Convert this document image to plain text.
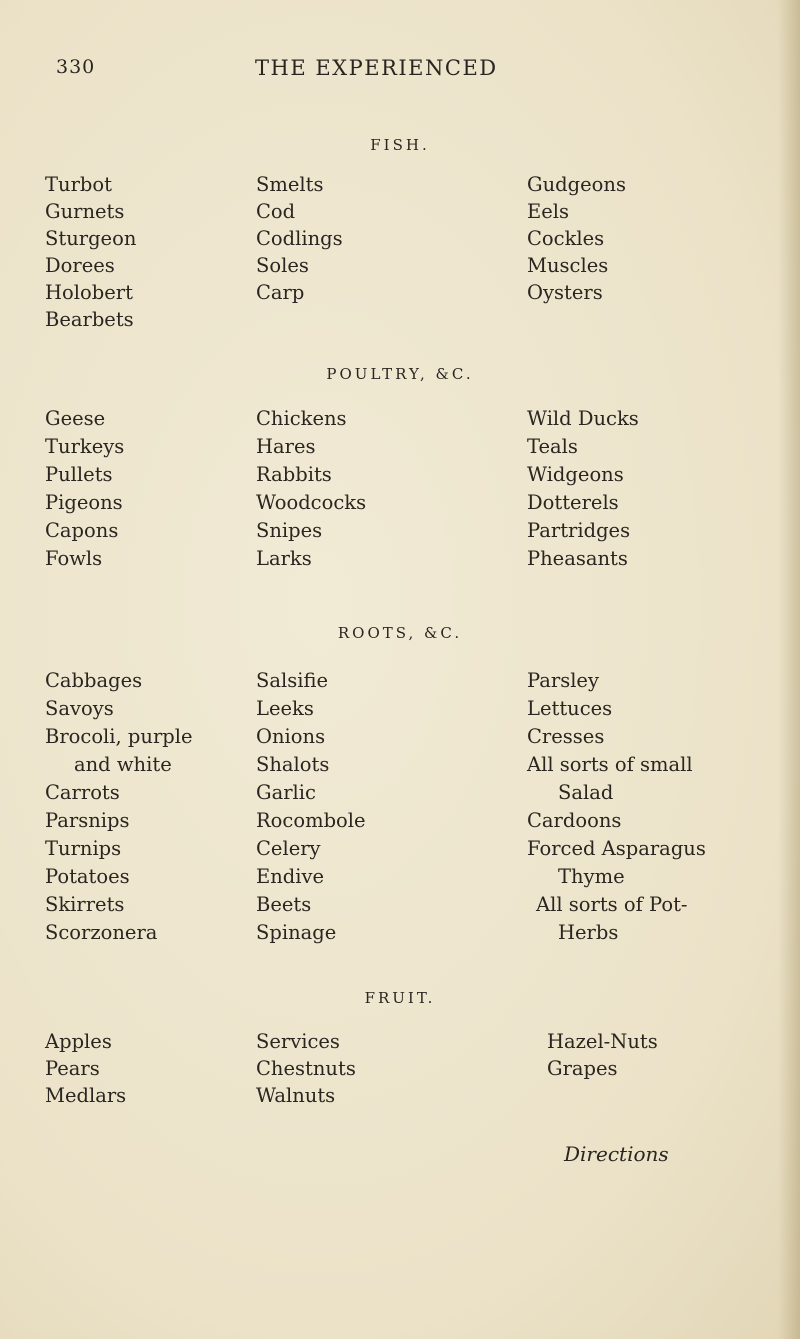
330	THE EXPERIENCED
FISH.
Turbot	Smelts	Gudgeons
Gurnets	Cod	Eels
Sturgeon	Codlings	Cockles
Dorees	Soles	Muscles
Holobert	Carp	Oysters
Bearbets
POULTRY, &C.
Geese	Chickens	Wild Ducks
Turkeys	Hares	Teals
Pullets	Rabbits	Widgeons
Pigeons	Woodcocks	Dotterels
Capons	Snipes	Partridges
Fowls	Larks	Pheasants
ROOTS, &C.
Cabbages	Salsifie	Parsley
Savoys	Leeks	Lettuces
Brocoli, purple	Onions	Cresses
and white	Shalots	All sorts of small
Carrots	Garlic	Salad
Parsnips	Rocombole	Cardoons
Turnips	Celery	Forced Asparagus
Potatoes	Endive	Thyme
Skirrets	Beets	All sorts of Pot-
Scorzonera	Spinage	Herbs
FRUIT.
Apples	Services	Hazel-Nuts
Pears	Chestnuts	Grapes
Medlars	Walnuts
Directions
